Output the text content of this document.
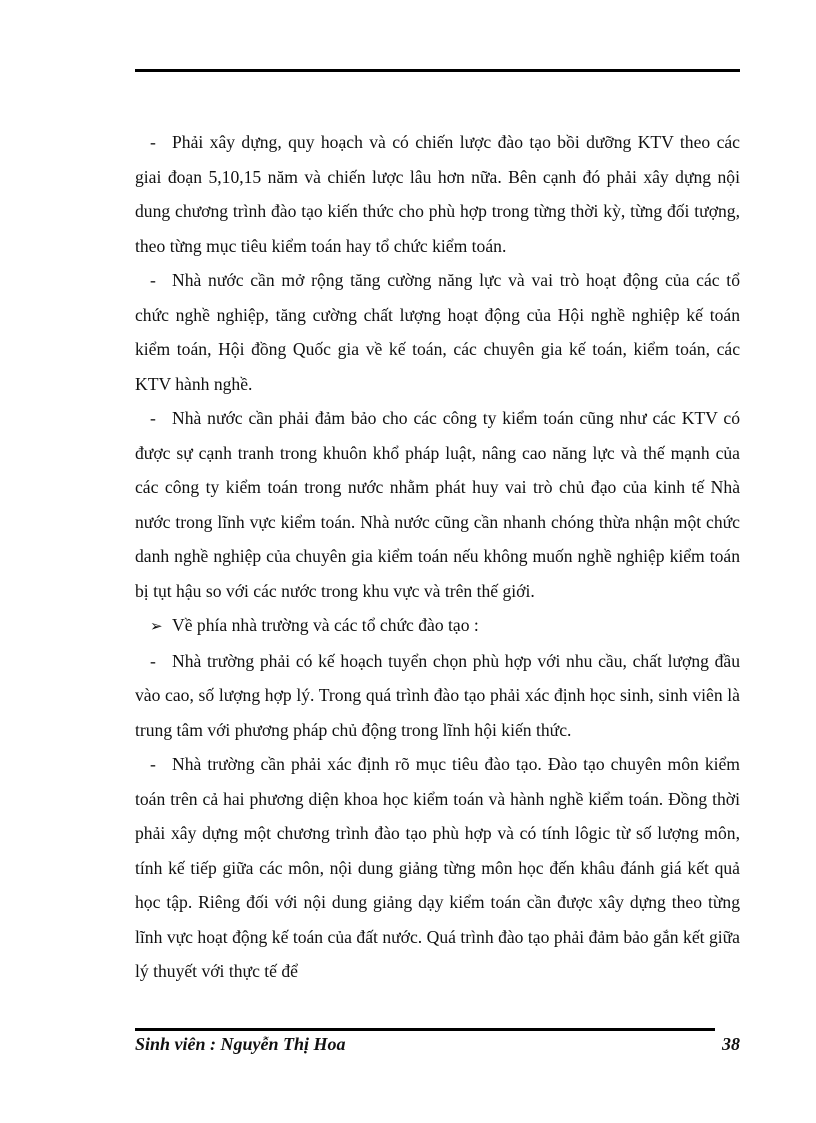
- Phải xây dựng, quy hoạch và có chiến lược đào tạo bồi dưỡng KTV theo các giai đoạn 5,10,15 năm và chiến lược lâu hơn nữa. Bên cạnh đó phải xây dựng nội dung chương trình đào tạo kiến thức cho phù hợp trong từng thời kỳ, từng đối tượng, theo từng mục tiêu kiểm toán hay tổ chức kiểm toán.

- Nhà nước cần mở rộng tăng cường năng lực và vai trò hoạt động của các tổ chức nghề nghiệp, tăng cường chất lượng hoạt động của Hội nghề nghiệp kế toán kiểm toán, Hội đồng Quốc gia về kế toán, các chuyên gia kế toán, kiểm toán, các KTV hành nghề.

- Nhà nước cần phải đảm bảo cho các công ty kiểm toán cũng như các KTV có được sự cạnh tranh trong khuôn khổ pháp luật, nâng cao năng lực và thế mạnh của các công ty kiểm toán trong nước nhằm phát huy vai trò chủ đạo của kinh tế Nhà nước trong lĩnh vực kiểm toán. Nhà nước cũng cần nhanh chóng thừa nhận một chức danh nghề nghiệp của chuyên gia kiểm toán nếu không muốn nghề nghiệp kiểm toán bị tụt hậu so với các nước trong khu vực và trên thế giới.

➢ Về phía nhà trường và các tổ chức đào tạo :

- Nhà trường phải có kế hoạch tuyển chọn phù hợp với nhu cầu, chất lượng đầu vào cao, số lượng hợp lý. Trong quá trình đào tạo phải xác định học sinh, sinh viên là trung tâm với phương pháp chủ động trong lĩnh hội kiến thức.

- Nhà trường cần phải xác định rõ mục tiêu đào tạo. Đào tạo chuyên môn kiểm toán trên cả hai phương diện khoa học kiểm toán và hành nghề kiểm toán. Đồng thời phải xây dựng một chương trình đào tạo phù hợp và có tính lôgic từ số lượng môn, tính kế tiếp giữa các môn, nội dung giảng từng môn học đến khâu đánh giá kết quả học tập. Riêng đối với nội dung giảng dạy kiểm toán cần được xây dựng theo từng lĩnh vực hoạt động kế toán của đất nước. Quá trình đào tạo phải đảm bảo gắn kết giữa lý thuyết với thực tế để

Sinh viên : Nguyễn Thị Hoa	38
